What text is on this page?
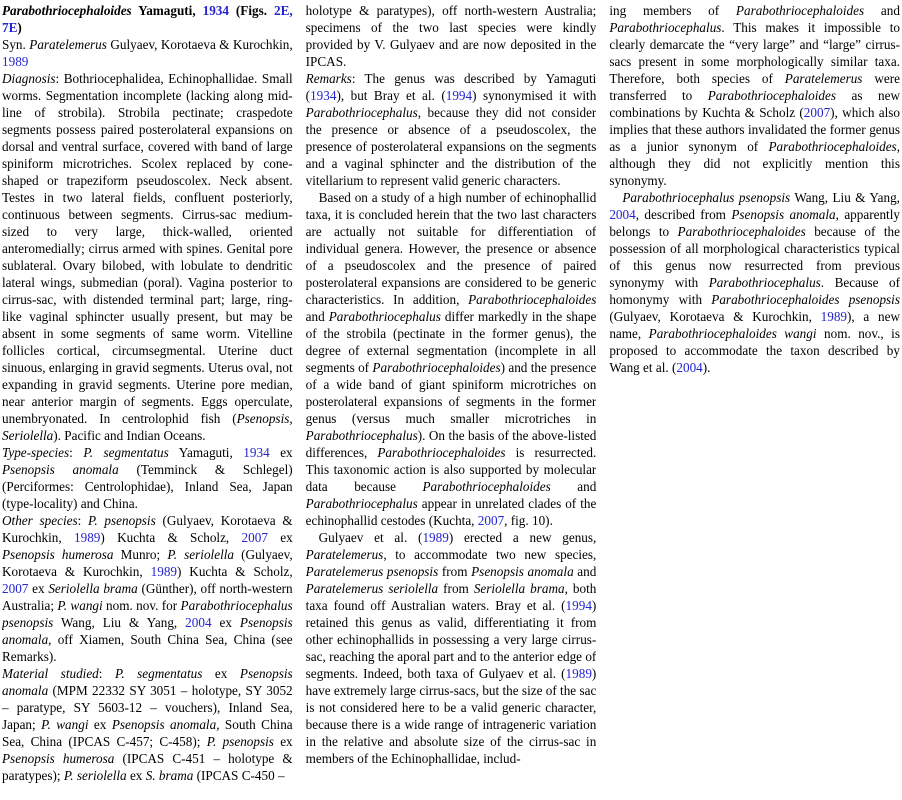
Parabothriocephaloides Yamaguti, 1934 (Figs. 2E, 7E)

Syn. Paratelemerus Gulyaev, Korotaeva & Kurochkin, 1989

Diagnosis: Bothriocephalidea, Echinophallidae. Small worms. Segmentation incomplete (lacking along mid-line of strobila). Strobila pectinate; craspedote segments possess paired posterolateral expansions on dorsal and ventral surface, covered with band of large spiniform microtriches. Scolex replaced by cone-shaped or trapeziform pseudoscolex. Neck absent. Testes in two lateral fields, confluent posteriorly, continuous between segments. Cirrus-sac medium-sized to very large, thick-walled, oriented anteromedially; cirrus armed with spines. Genital pore sublateral. Ovary bilobed, with lobulate to dendritic lateral wings, submedian (poral). Vagina posterior to cirrus-sac, with distended terminal part; large, ring-like vaginal sphincter usually present, but may be absent in some segments of same worm. Vitelline follicles cortical, circumsegmental. Uterine duct sinuous, enlarging in gravid segments. Uterus oval, not expanding in gravid segments. Uterine pore median, near anterior margin of segments. Eggs operculate, unembryonated. In centrolophid fish (Psenopsis, Seriolella). Pacific and Indian Oceans.

Type-species: P. segmentatus Yamaguti, 1934 ex Psenopsis anomala (Temminck & Schlegel) (Perciformes: Centrolophidae), Inland Sea, Japan (type-locality) and China.

Other species: P. psenopsis (Gulyaev, Korotaeva & Kurochkin, 1989) Kuchta & Scholz, 2007 ex Psenopsis humerosa Munro; P. seriolella (Gulyaev, Korotaeva & Kurochkin, 1989) Kuchta & Scholz, 2007 ex Seriolella brama (Günther), off north-western Australia; P. wangi nom. nov. for Parabothriocephalus psenopsis Wang, Liu & Yang, 2004 ex Psenopsis anomala, off Xiamen, South China Sea, China (see Remarks).

Material studied: P. segmentatus ex Psenopsis anomala (MPM 22332 SY 3051 – holotype, SY 3052 – paratype, SY 5603-12 – vouchers), Inland Sea, Japan; P. wangi ex Psenopsis anomala, South China Sea, China (IPCAS C-457; C-458); P. psenopsis ex Psenopsis humerosa (IPCAS C-451 – holotype & paratypes); P. seriolella ex S. brama (IPCAS C-450 –

holotype & paratypes), off north-western Australia; specimens of the two last species were kindly provided by V. Gulyaev and are now deposited in the IPCAS.

Remarks: The genus was described by Yamaguti (1934), but Bray et al. (1994) synonymised it with Parabothriocephalus, because they did not consider the presence or absence of a pseudoscolex, the presence of posterolateral expansions on the segments and a vaginal sphincter and the distribution of the vitellarium to represent valid generic characters.

Based on a study of a high number of echinophallid taxa, it is concluded herein that the two last characters are actually not suitable for differentiation of individual genera. However, the presence or absence of a pseudoscolex and the presence of paired posterolateral expansions are considered to be generic characteristics. In addition, Parabothriocephaloides and Parabothriocephalus differ markedly in the shape of the strobila (pectinate in the former genus), the degree of external segmentation (incomplete in all segments of Parabothriocephaloides) and the presence of a wide band of giant spiniform microtriches on posterolateral expansions of segments in the former genus (versus much smaller microtriches in Parabothriocephalus). On the basis of the above-listed differences, Parabothriocephaloides is resurrected. This taxonomic action is also supported by molecular data because Parabothriocephaloides and Parabothriocephalus appear in unrelated clades of the echinophallid cestodes (Kuchta, 2007, fig. 10).

Gulyaev et al. (1989) erected a new genus, Paratelemerus, to accommodate two new species, Paratelemerus psenopsis from Psenopsis anomala and Paratelemerus seriolella from Seriolella brama, both taxa found off Australian waters. Bray et al. (1994) retained this genus as valid, differentiating it from other echinophallids in possessing a very large cirrus-sac, reaching the aporal part and to the anterior edge of segments. Indeed, both taxa of Gulyaev et al. (1989) have extremely large cirrus-sacs, but the size of the sac is not considered here to be a valid generic character, because there is a wide range of intrageneric variation in the relative and absolute size of the cirrus-sac in members of the Echinophallidae, includ-

ing members of Parabothriocephaloides and Parabothriocephalus. This makes it impossible to clearly demarcate the “very large” and “large” cirrus-sacs present in some morphologically similar taxa. Therefore, both species of Paratelemerus were transferred to Parabothriocephaloides as new combinations by Kuchta & Scholz (2007), which also implies that these authors invalidated the former genus as a junior synonym of Parabothriocephaloides, although they did not explicitly mention this synonymy.

Parabothriocephalus psenopsis Wang, Liu & Yang, 2004, described from Psenopsis anomala, apparently belongs to Parabothriocephaloides because of the possession of all morphological characteristics typical of this genus now resurrected from previous synonymy with Parabothriocephalus. Because of homonymy with Parabothriocephaloides psenopsis (Gulyaev, Korotaeva & Kurochkin, 1989), a new name, Parabothriocephaloides wangi nom. nov., is proposed to accommodate the taxon described by Wang et al. (2004).
